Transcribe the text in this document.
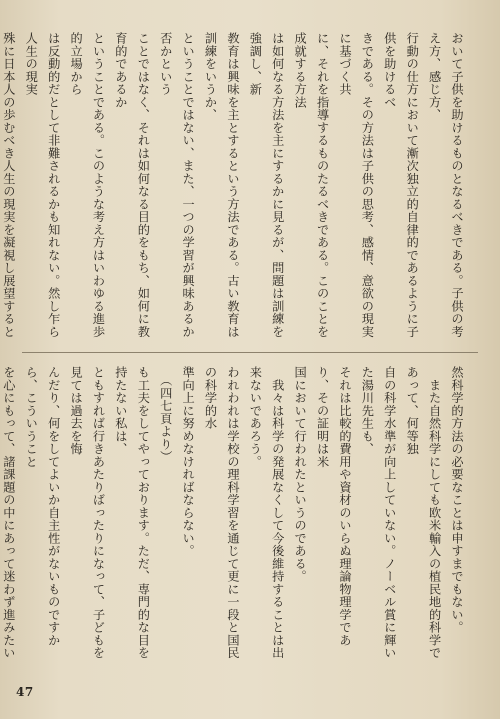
おいて子供を助けるものとなるべきである。子供の考え方、感じ方、
行動の仕方において漸次独立的自律的であるように子供を助けるべ
きである。その方法は子供の思考、感情、意欲の現実に基づく共
に、それを指導するものたるべきである。このことを成就する方法
は如何なる方法を主にするかに見るが、問題は訓練を強調し、新
教育は興味を主とするという方法である。古い教育は訓練をいうか、
ということではない、また、一つの学習が興味あるか否かという
ことではなく、それは如何なる目的をもち、如何に教育的であるか
ということである。このような考え方はいわゆる進歩的立場から
は反動的だとして非難されるかも知れない。然し乍ら人生の現実
殊に日本人の歩むべき人生の現実を凝視し展望すると
然科学的方法の必要なことは申すまでもない。
　また自然科学にしても欧米輸入の植民地的科学であって、何等独
自の科学水準が向上していない。ノーベル賞に輝いた湯川先生も、
それは比較的費用や資材のいらぬ理論物理学であり、その証明は米
国において行われたというのである。
　我々は科学の発展なくして今後維持することは出来ないであろう。
われわれは学校の理科学習を通じて更に一段と国民の科学的水
準向上に努めなければならない。
（四七頁より）
も工夫をしてやっております。ただ、専門的な目を持たない私は、
ともすれば行きあたりばったりになって、子どもを見ては過去を悔
んだり、何をしてよいか自主性がないものですから、こういうこと
を心にもって、諸課題の中にあって迷わず進みたい
47
